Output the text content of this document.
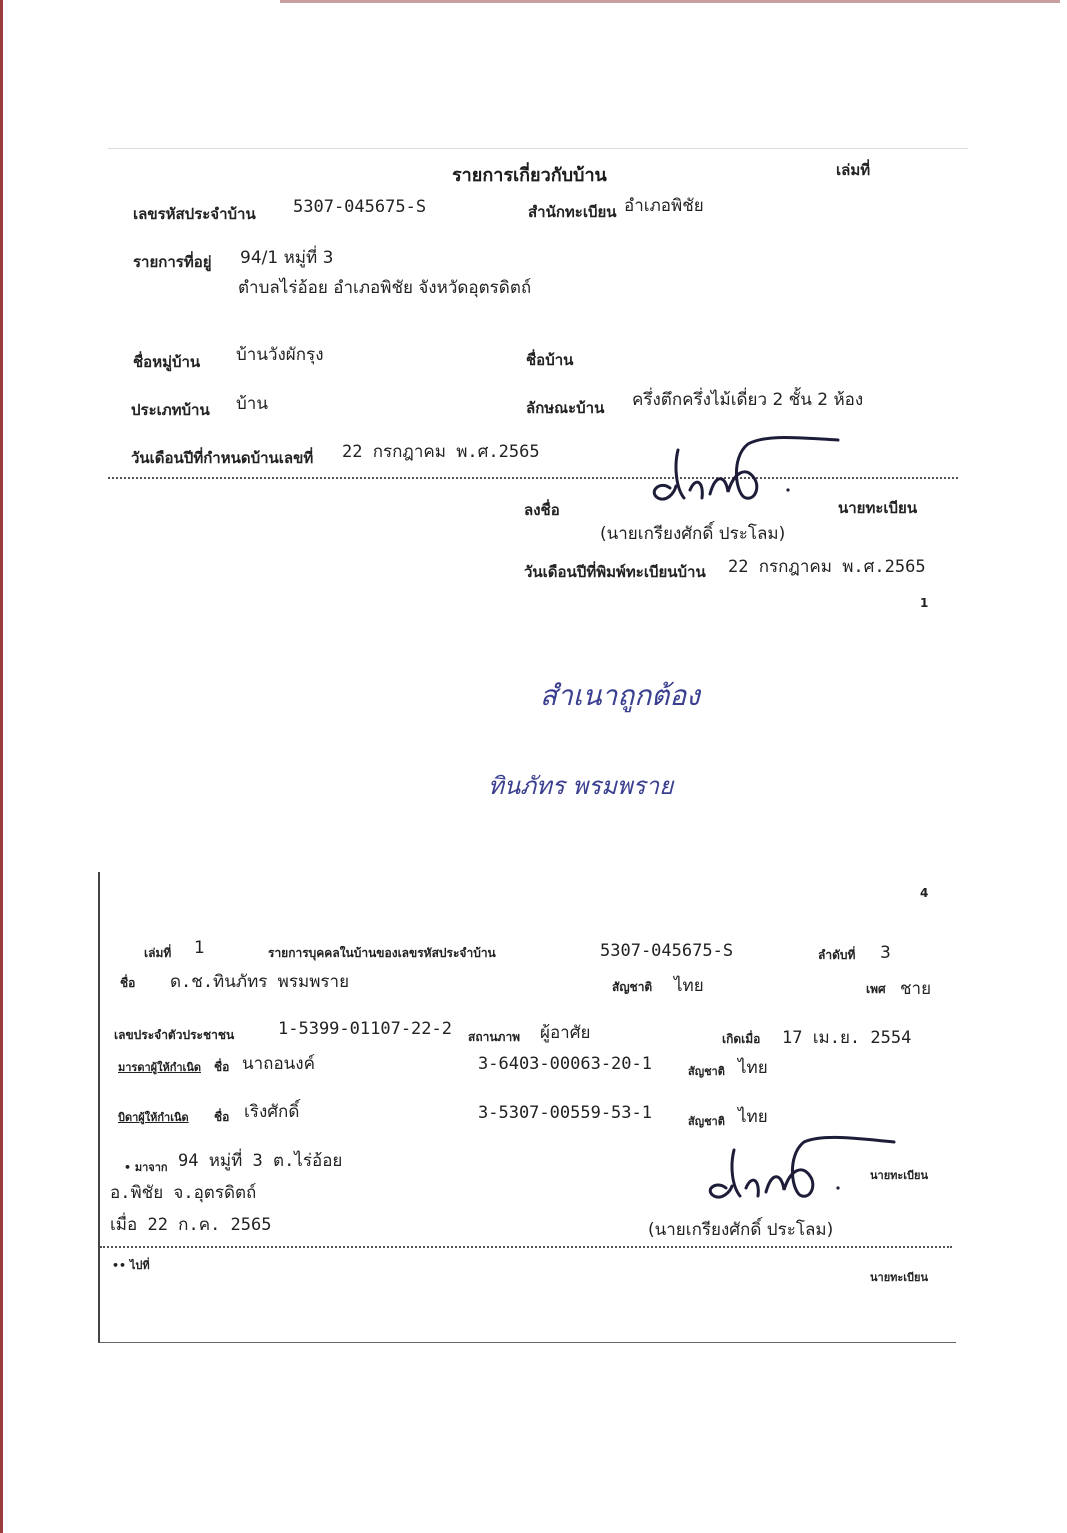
รายการเกี่ยวกับบ้าน	เล่มที่
เลขรหัสประจำบ้าน 5307-045675-S	สำนักทะเบียน อำเภอพิชัย
รายการที่อยู่ 94/1 หมู่ที่ 3
ตำบลไร่อ้อย อำเภอพิชัย จังหวัดอุตรดิตถ์
ชื่อหมู่บ้าน บ้านวังผักรุง	ชื่อบ้าน
ประเภทบ้าน บ้าน	ลักษณะบ้าน ครึ่งตึกครึ่งไม้เดี่ยว 2 ชั้น 2 ห้อง
วันเดือนปีที่กำหนดบ้านเลขที่ 22 กรกฎาคม พ.ศ.2565
ลงชื่อ	นายทะเบียน
(นายเกรียงศักดิ์ ประโลม)
วันเดือนปีที่พิมพ์ทะเบียนบ้าน 22 กรกฎาคม พ.ศ.2565
1
สำเนาถูกต้อง
ทินภัทร พรมพราย
4
เล่มที่ 1	รายการบุคคลในบ้านของเลขรหัสประจำบ้าน	5307-045675-S	ลำดับที่ 3
ชื่อ ด.ช.ทินภัทร พรมพราย	สัญชาติ ไทย	เพศ ชาย
เลขประจำตัวประชาชน	1-5399-01107-22-2 สถานภาพ ผู้อาศัย	เกิดเมื่อ 17 เม.ย. 2554
มารดาผู้ให้กำเนิด ชื่อ นาถอนงค์	3-6403-00063-20-1	สัญชาติ ไทย
บิดาผู้ให้กำเนิด ชื่อ เริงศักดิ์	3-5307-00559-53-1	สัญชาติ ไทย
• มาจาก 94 หมู่ที่ 3 ต.ไร่อ้อย
อ.พิชัย จ.อุตรดิตถ์
เมื่อ 22 ก.ค. 2565
นายทะเบียน
(นายเกรียงศักดิ์ ประโลม)
•• ไปที่
นายทะเบียน
